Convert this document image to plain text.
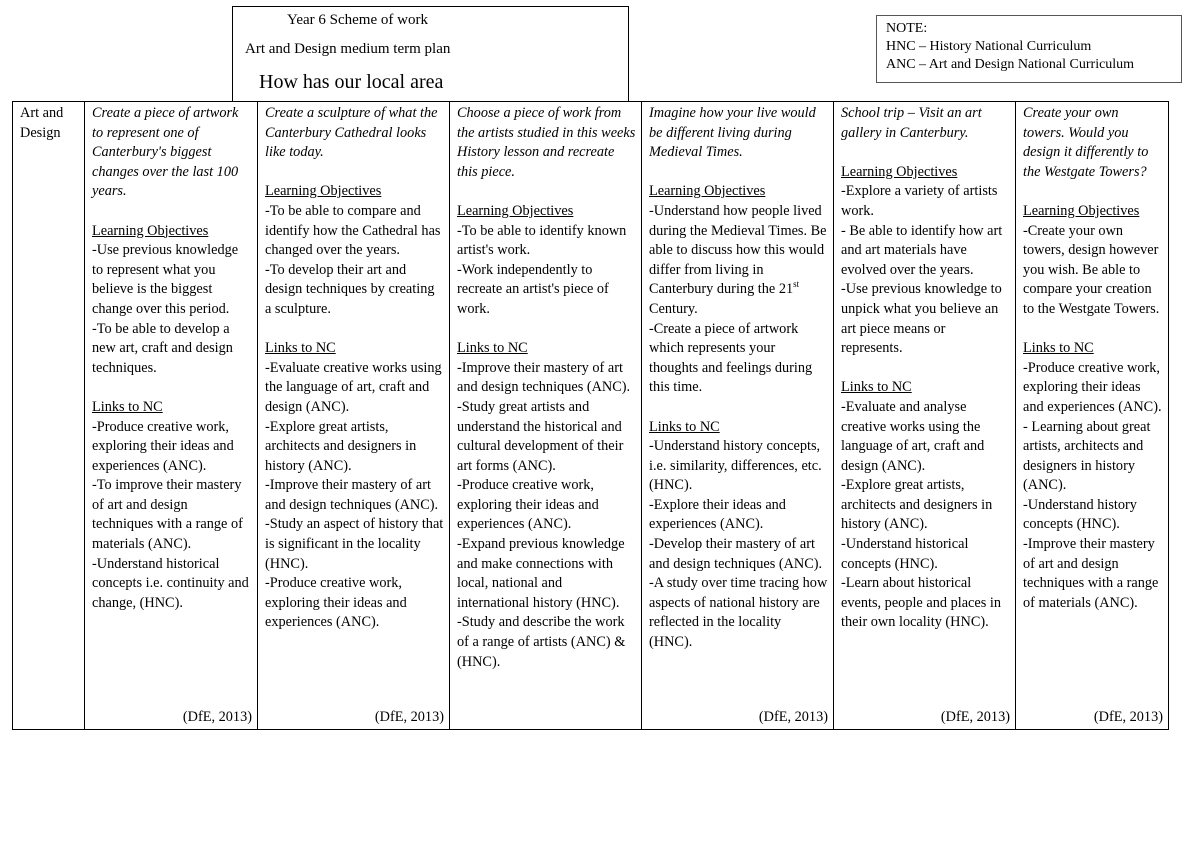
Year 6 Scheme of work
Art and Design medium term plan
How has our local area
NOTE:
HNC – History National Curriculum
ANC – Art and Design National Curriculum
Art and
Design

Create a piece of artwork to represent one of Canterbury's biggest changes over the last 100 years.
Learning Objectives
-Use previous knowledge to represent what you believe is the biggest change over this period.
-To be able to develop a new art, craft and design techniques.
Links to NC
-Produce creative work, exploring their ideas and experiences (ANC).
-To improve their mastery of art and design techniques with a range of materials (ANC).
-Understand historical concepts i.e. continuity and change, (HNC).
(DfE, 2013)

Create a sculpture of what the Canterbury Cathedral looks like today.
Learning Objectives
-To be able to compare and identify how the Cathedral has changed over the years.
-To develop their art and design techniques by creating a sculpture.
Links to NC
-Evaluate creative works using the language of art, craft and design (ANC).
-Explore great artists, architects and designers in history (ANC).
-Improve their mastery of art and design techniques (ANC).
-Study an aspect of history that is significant in the locality (HNC).
-Produce creative work, exploring their ideas and experiences (ANC).
(DfE, 2013)

Choose a piece of work from the artists studied in this weeks History lesson and recreate this piece.
Learning Objectives
-To be able to identify known artist's work.
-Work independently to recreate an artist's piece of work.
Links to NC
-Improve their mastery of art and design techniques (ANC).
-Study great artists and understand the historical and cultural development of their art forms (ANC).
-Produce creative work, exploring their ideas and experiences (ANC).
-Expand previous knowledge and make connections with local, national and international history (HNC).
-Study and describe the work of a range of artists (ANC) & (HNC).

Imagine how your live would be different living during Medieval Times.
Learning Objectives
-Understand how people lived during the Medieval Times. Be able to discuss how this would differ from living in Canterbury during the 21st Century.
-Create a piece of artwork which represents your thoughts and feelings during this time.
Links to NC
-Understand history concepts, i.e. similarity, differences, etc. (HNC).
-Explore their ideas and experiences (ANC).
-Develop their mastery of art and design techniques (ANC).
-A study over time tracing how aspects of national history are reflected in the locality (HNC).
(DfE, 2013)

School trip – Visit an art gallery in Canterbury.
Learning Objectives
-Explore a variety of artists work.
- Be able to identify how art and art materials have evolved over the years.
-Use previous knowledge to unpick what you believe an art piece means or represents.
Links to NC
-Evaluate and analyse creative works using the language of art, craft and design (ANC).
-Explore great artists, architects and designers in history (ANC).
-Understand historical concepts (HNC).
-Learn about historical events, people and places in their own locality (HNC).
(DfE, 2013)

Create your own towers. Would you design it differently to the Westgate Towers?
Learning Objectives
-Create your own towers, design however you wish. Be able to compare your creation to the Westgate Towers.
Links to NC
-Produce creative work, exploring their ideas and experiences (ANC).
- Learning about great artists, architects and designers in history (ANC).
-Understand history concepts (HNC).
-Improve their mastery of art and design techniques with a range of materials (ANC).
(DfE, 2013)
